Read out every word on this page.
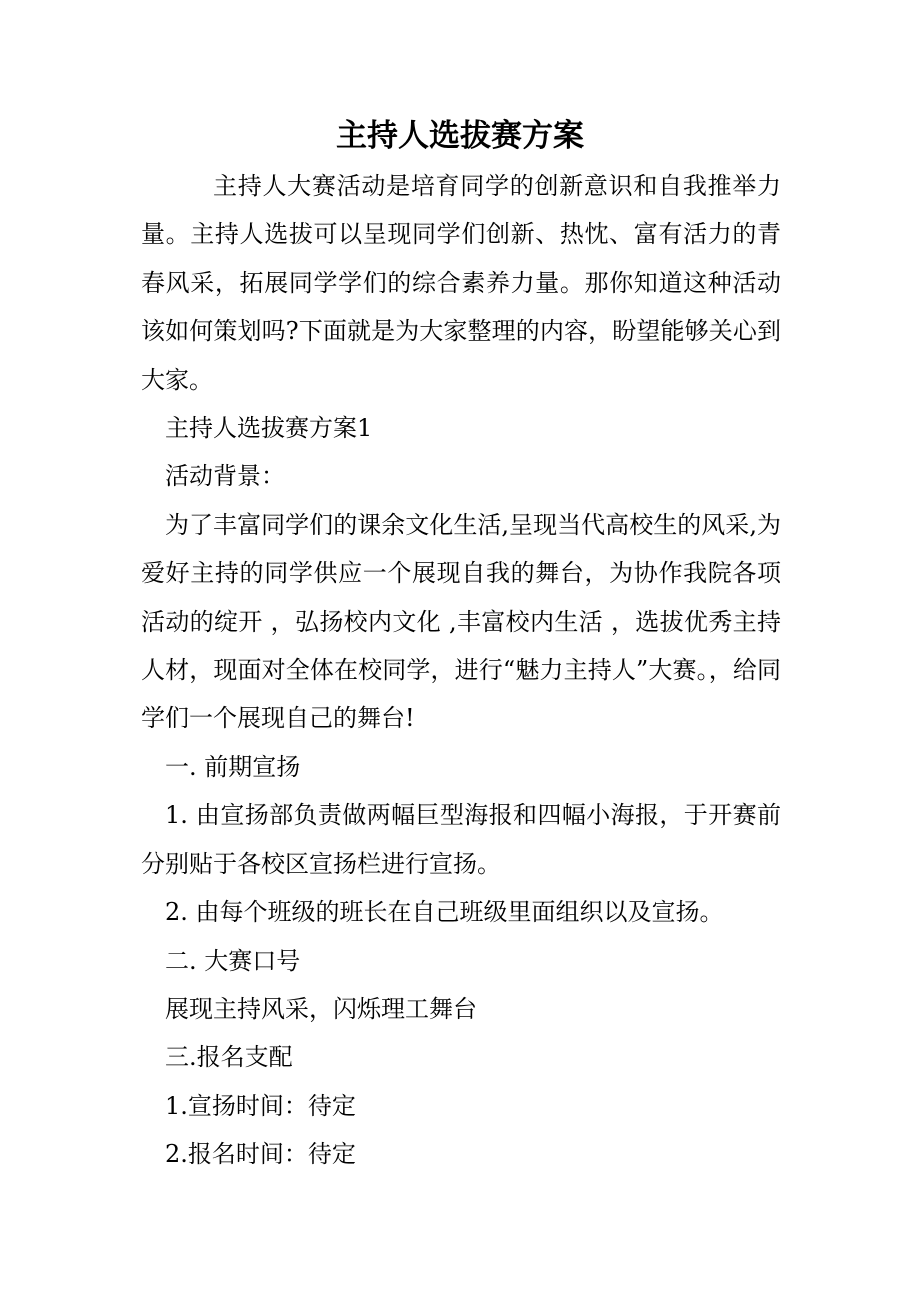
主持人选拔赛方案

主持人大赛活动是培育同学的创新意识和自我推举力量。主持人选拔可以呈现同学们创新、热忱、富有活力的青春风采，拓展同学学们的综合素养力量。那你知道这种活动该如何策划吗?下面就是为大家整理的内容，盼望能够关心到大家。

主持人选拔赛方案1

活动背景：

为了丰富同学们的课余文化生活,呈现当代高校生的风采,为爱好主持的同学供应一个展现自我的舞台，为协作我院各项活动的绽开 ，弘扬校内文化 ,丰富校内生活 ，选拔优秀主持人材，现面对全体在校同学，进行“魅力主持人”大赛。，给同学们一个展现自己的舞台!

一. 前期宣扬

1. 由宣扬部负责做两幅巨型海报和四幅小海报，于开赛前分别贴于各校区宣扬栏进行宣扬。

2. 由每个班级的班长在自己班级里面组织以及宣扬。

二. 大赛口号

展现主持风采，闪烁理工舞台

三.报名支配

1.宣扬时间：待定

2.报名时间：待定
